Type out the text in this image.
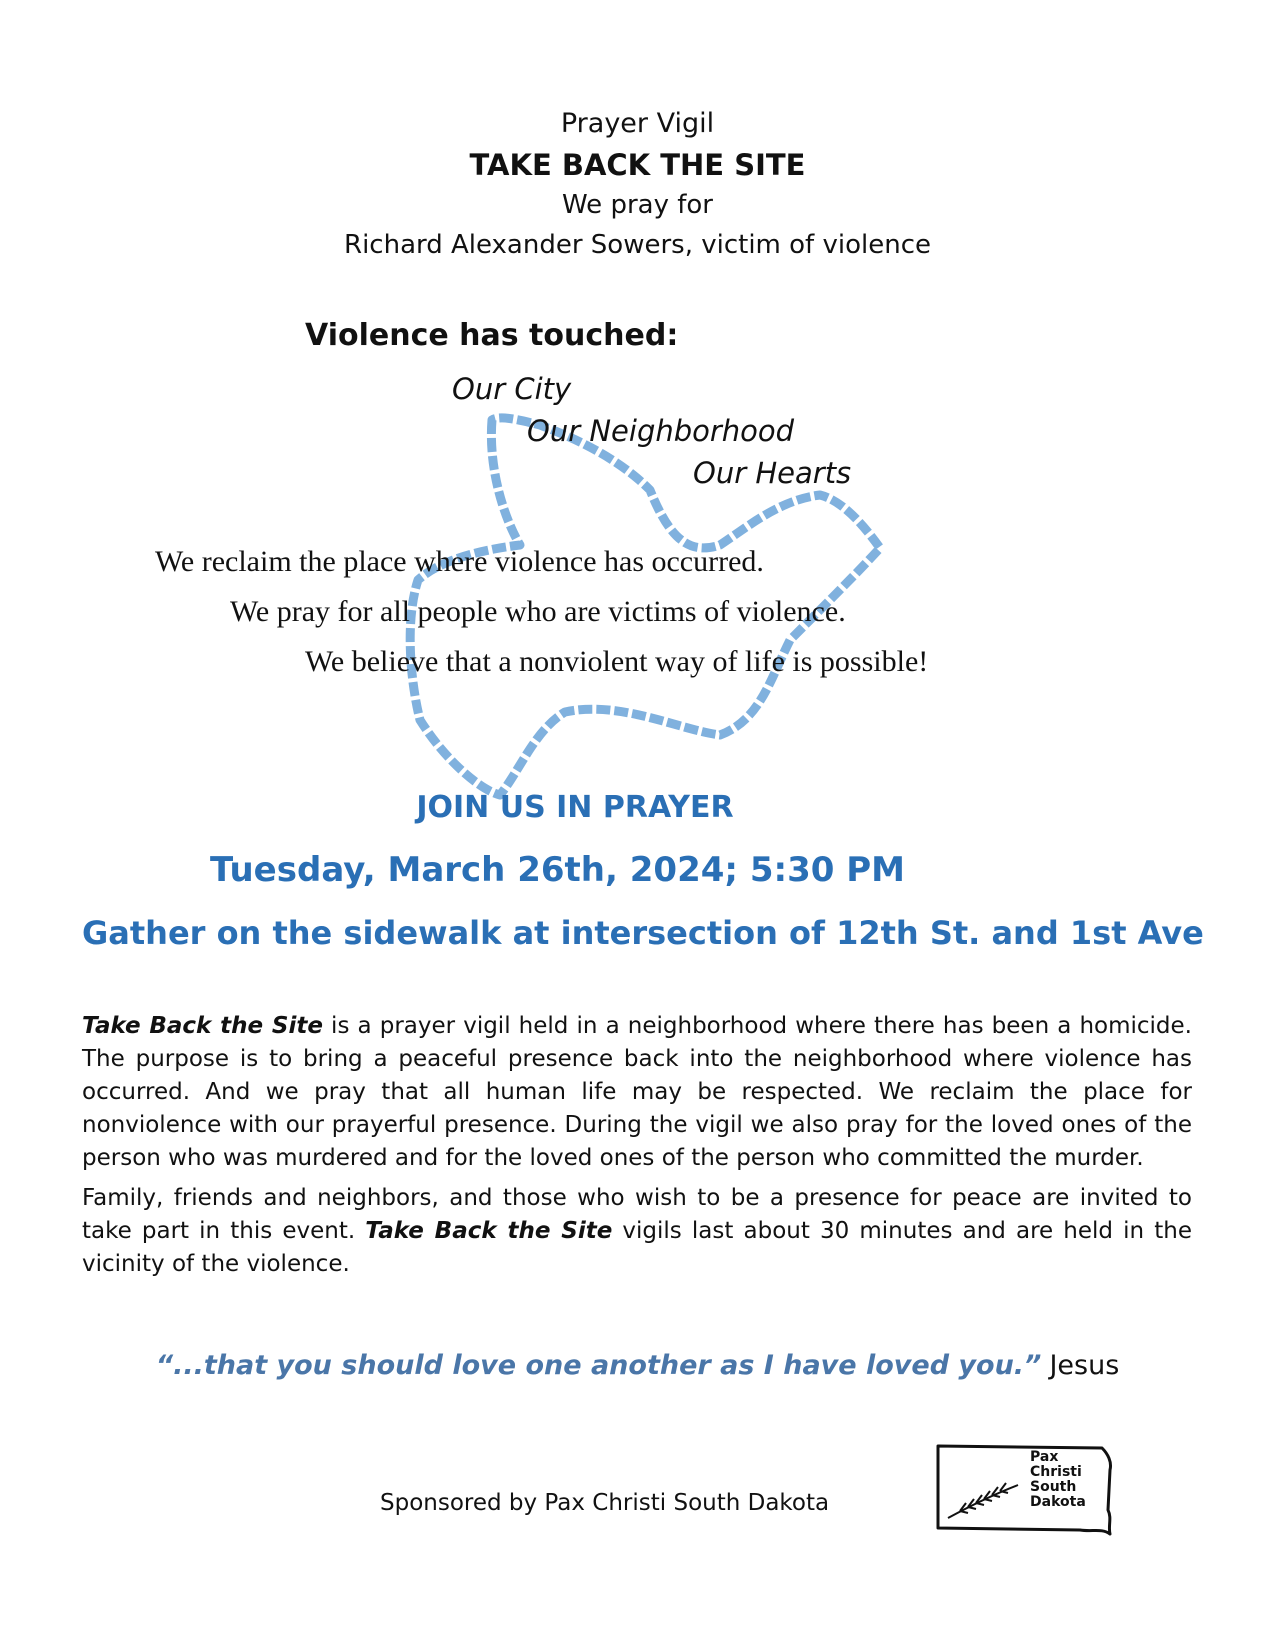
Prayer Vigil

TAKE BACK THE SITE

We pray for

Richard Alexander Sowers, victim of violence

Violence has touched:

Our City

Our Neighborhood

Our Hearts

We reclaim the place where violence has occurred.

We pray for all people who are victims of violence.

We believe that a nonviolent way of life is possible!

JOIN US IN PRAYER

Tuesday, March 26th, 2024; 5:30 PM

Gather on the sidewalk at intersection of 12th St. and 1st Ave

Take Back the Site is a prayer vigil held in a neighborhood where there has been a homicide. The purpose is to bring a peaceful presence back into the neighborhood where violence has occurred. And we pray that all human life may be respected. We reclaim the place for nonviolence with our prayerful presence. During the vigil we also pray for the loved ones of the person who was murdered and for the loved ones of the person who committed the murder.

Family, friends and neighbors, and those who wish to be a presence for peace are invited to take part in this event. Take Back the Site vigils last about 30 minutes and are held in the vicinity of the violence.

“...that you should love one another as I have loved you.” Jesus

Sponsored by Pax Christi South Dakota

Pax
Christi
South
Dakota
